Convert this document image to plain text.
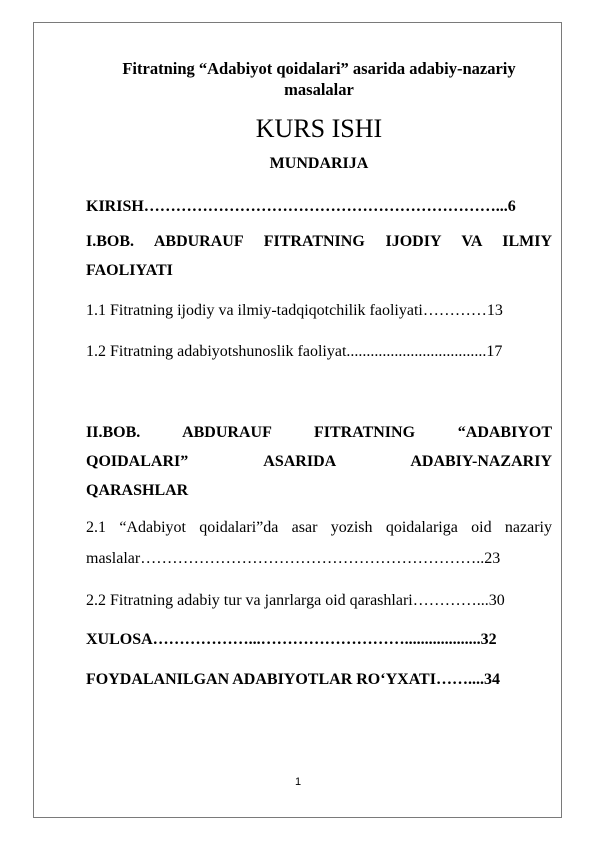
Fitratning “Adabiyot qoidalari” asarida adabiy-nazariy masalalar
KURS ISHI
MUNDARIJA
KIRISH…………………………………………………………...6
I.BOB. ABDURAUF FITRATNING IJODIY VA ILMIY
FAOLIYATI
1.1 Fitratning ijodiy va ilmiy-tadqiqotchilik faoliyati…………13
1.2 Fitratning adabiyotshunoslik faoliyat...................................17
II.BOB. ABDURAUF FITRATNING “ADABIYOT
QOIDALARI” ASARIDA ADABIY-NAZARIY
QARASHLAR
2.1 “Adabiyot qoidalari”da asar yozish qoidalariga oid nazariy
maslalar………………………………………………………..23
2.2 Fitratning adabiy tur va janrlarga oid qarashlari…………...30
XULOSA………………...………………………...................32
FOYDALANILGAN ADABIYOTLAR RO‘YXATI……....34
1
